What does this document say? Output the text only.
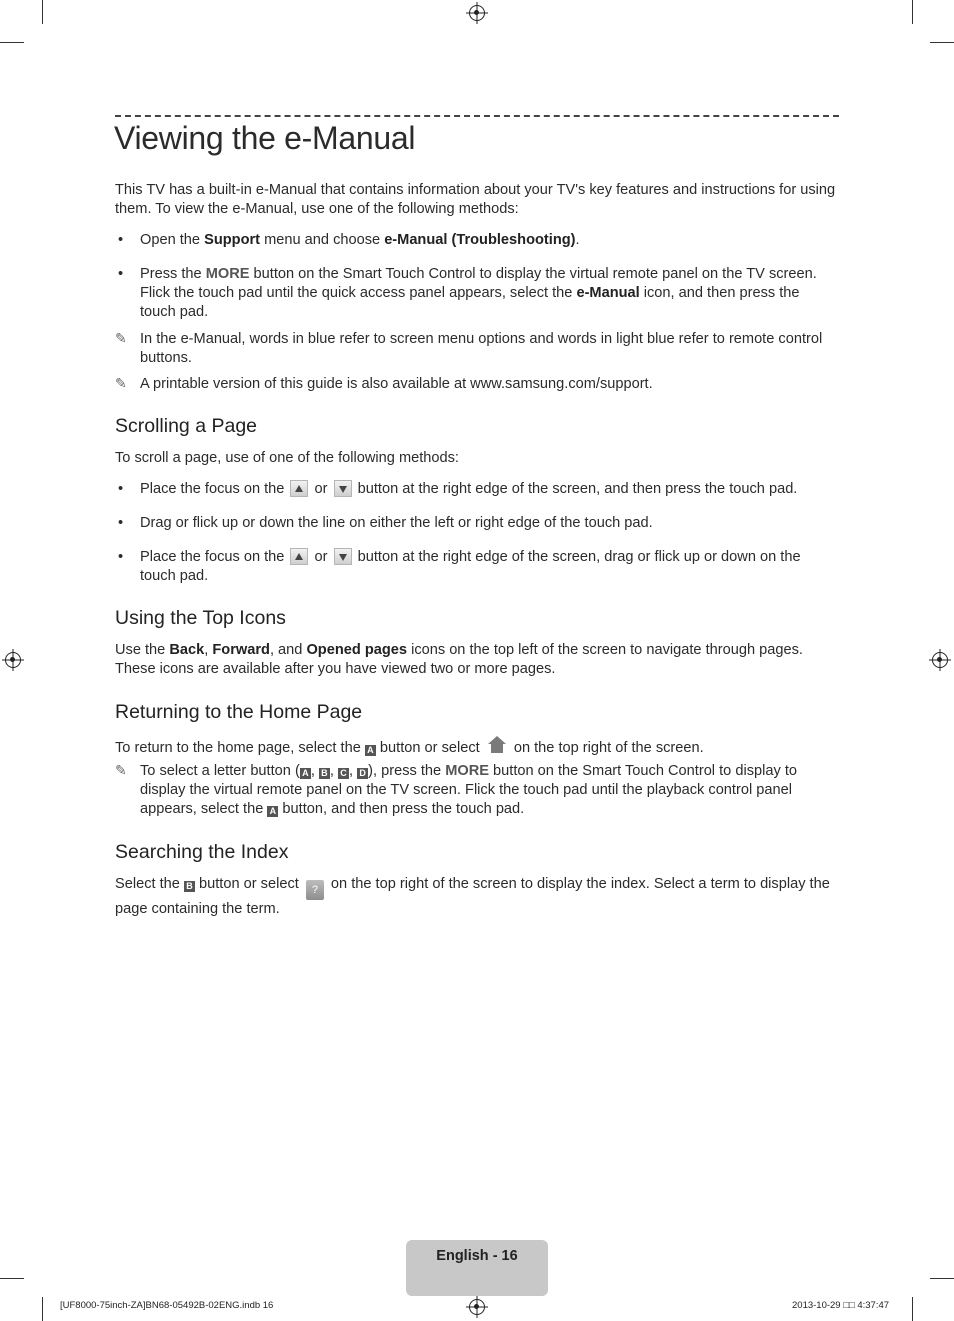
Viewing the e-Manual

This TV has a built-in e-Manual that contains information about your TV's key features and instructions for using them. To view the e-Manual, use one of the following methods:

• Open the Support menu and choose e-Manual (Troubleshooting).
• Press the MORE button on the Smart Touch Control to display the virtual remote panel on the TV screen. Flick the touch pad until the quick access panel appears, select the e-Manual icon, and then press the touch pad.
✎ In the e-Manual, words in blue refer to screen menu options and words in light blue refer to remote control buttons.
✎ A printable version of this guide is also available at www.samsung.com/support.
Scrolling a Page

To scroll a page, use of one of the following methods:

• Place the focus on the  or  button at the right edge of the screen, and then press the touch pad.
• Drag or flick up or down the line on either the left or right edge of the touch pad.
• Place the focus on the  or  button at the right edge of the screen, drag or flick up or down on the touch pad.
Using the Top Icons

Use the Back, Forward, and Opened pages icons on the top left of the screen to navigate through pages. These icons are available after you have viewed two or more pages.

Returning to the Home Page

To return to the home page, select the A button or select  on the top right of the screen.

✎ To select a letter button ( A , B , C , D ), press the MORE button on the Smart Touch Control to display to display the virtual remote panel on the TV screen. Flick the touch pad until the playback control panel appears, select the A button, and then press the touch pad.
Searching the Index

Select the B button or select ? on the top right of the screen to display the index. Select a term to display the page containing the term.

English - 16
[UF8000-75inch-ZA]BN68-05492B-02ENG.indb 16	2013-10-29 □□ 4:37:47
